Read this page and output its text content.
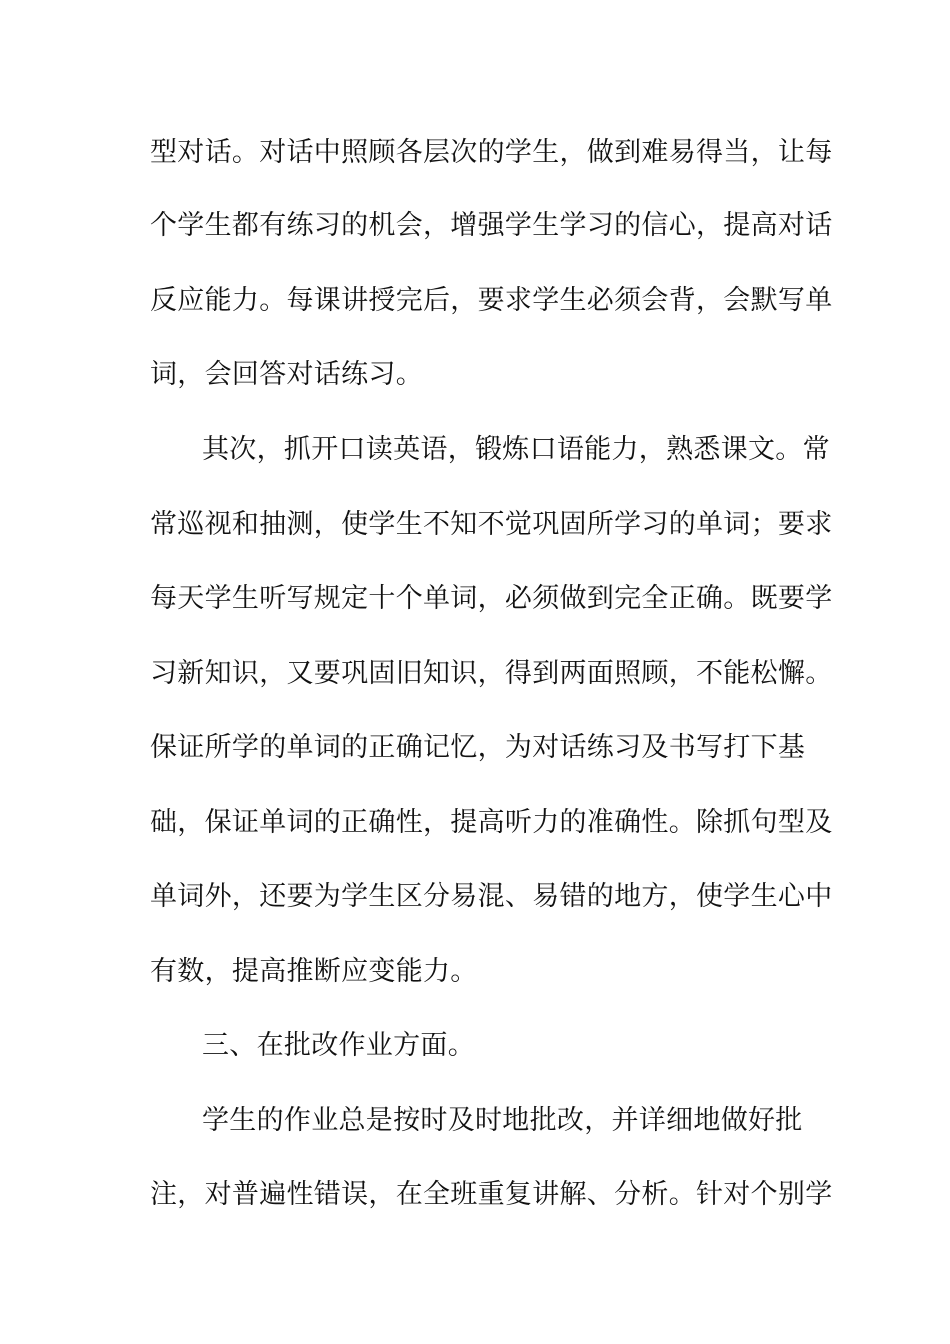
型对话。对话中照顾各层次的学生，做到难易得当，让每
个学生都有练习的机会，增强学生学习的信心，提高对话
反应能力。每课讲授完后，要求学生必须会背，会默写单
词，会回答对话练习。
其次，抓开口读英语，锻炼口语能力，熟悉课文。常
常巡视和抽测，使学生不知不觉巩固所学习的单词；要求
每天学生听写规定十个单词，必须做到完全正确。既要学
习新知识，又要巩固旧知识，得到两面照顾，不能松懈。
保证所学的单词的正确记忆，为对话练习及书写打下基
础，保证单词的正确性，提高听力的准确性。除抓句型及
单词外，还要为学生区分易混、易错的地方，使学生心中
有数，提高推断应变能力。
三、在批改作业方面。
学生的作业总是按时及时地批改，并详细地做好批
注，对普遍性错误，在全班重复讲解、分析。针对个别学
